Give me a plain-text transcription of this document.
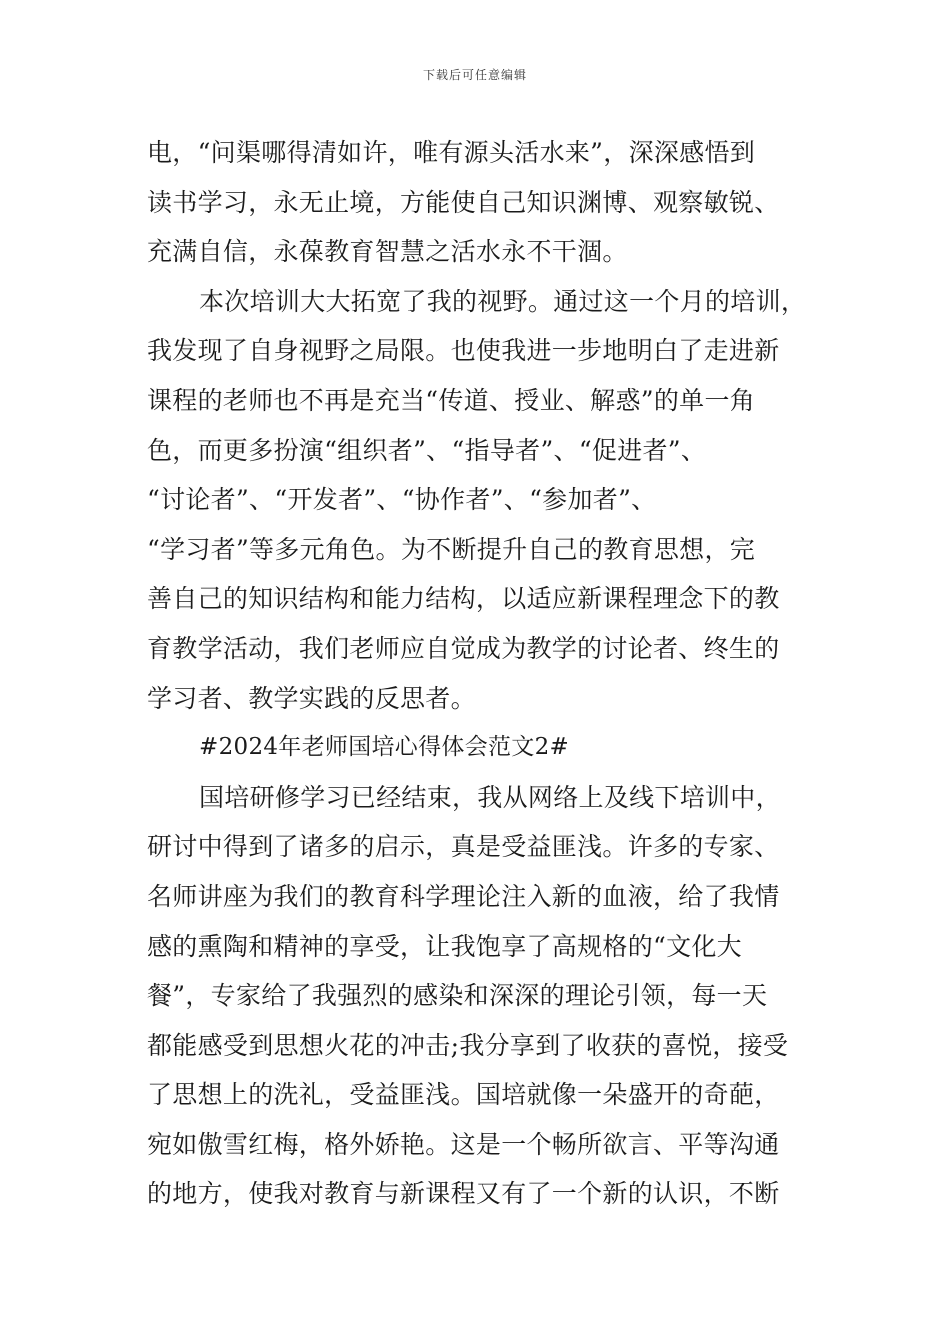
下载后可任意编辑
电，“问渠哪得清如许，唯有源头活水来”，深深感悟到
读书学习，永无止境，方能使自己知识渊博、观察敏锐、
充满自信，永葆教育智慧之活水永不干涸。
本次培训大大拓宽了我的视野。通过这一个月的培训，
我发现了自身视野之局限。也使我进一步地明白了走进新
课程的老师也不再是充当“传道、授业、解惑”的单一角
色，而更多扮演“组织者”、“指导者”、“促进者”、
“讨论者”、“开发者”、“协作者”、“参加者”、
“学习者”等多元角色。为不断提升自己的教育思想，完
善自己的知识结构和能力结构，以适应新课程理念下的教
育教学活动，我们老师应自觉成为教学的讨论者、终生的
学习者、教学实践的反思者。
#2024年老师国培心得体会范文2#
国培研修学习已经结束，我从网络上及线下培训中，
研讨中得到了诸多的启示，真是受益匪浅。许多的专家、
名师讲座为我们的教育科学理论注入新的血液，给了我情
感的熏陶和精神的享受，让我饱享了高规格的“文化大
餐”，专家给了我强烈的感染和深深的理论引领，每一天
都能感受到思想火花的冲击;我分享到了收获的喜悦，接受
了思想上的洗礼，受益匪浅。国培就像一朵盛开的奇葩，
宛如傲雪红梅，格外娇艳。这是一个畅所欲言、平等沟通
的地方，使我对教育与新课程又有了一个新的认识，不断
